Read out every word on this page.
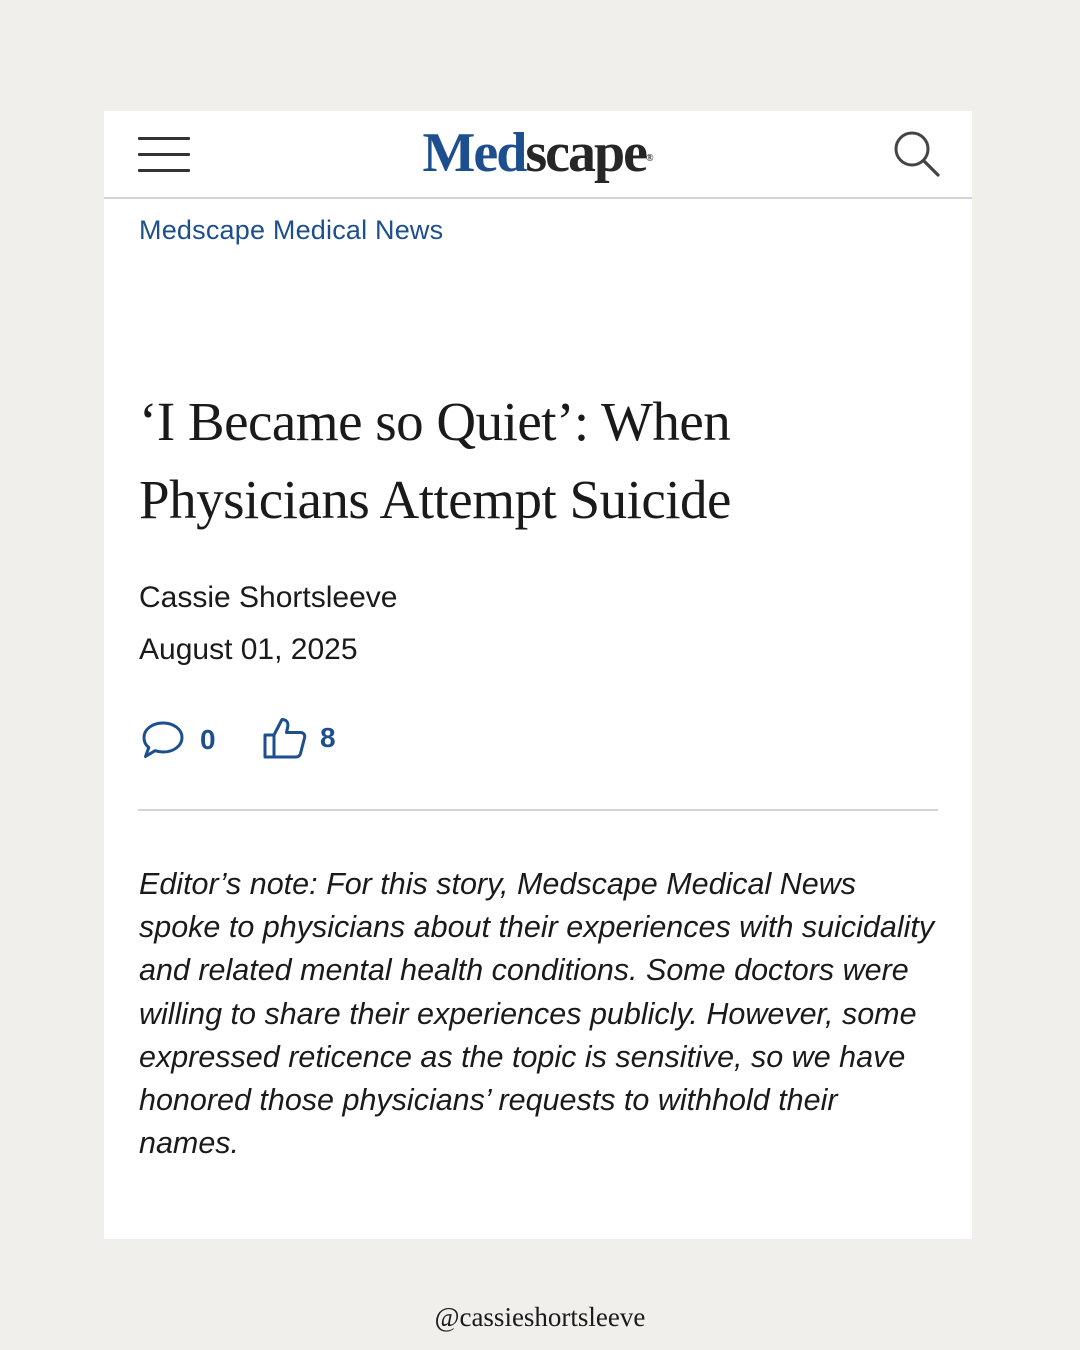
Medscape®
Medscape Medical News
‘I Became so Quiet’: When Physicians Attempt Suicide
Cassie Shortsleeve
August 01, 2025
0	8

Editor’s note: For this story, Medscape Medical News spoke to physicians about their experiences with suicidality and related mental health conditions. Some doctors were willing to share their experiences publicly. However, some expressed reticence as the topic is sensitive, so we have honored those physicians’ requests to withhold their names.

@cassieshortsleeve
